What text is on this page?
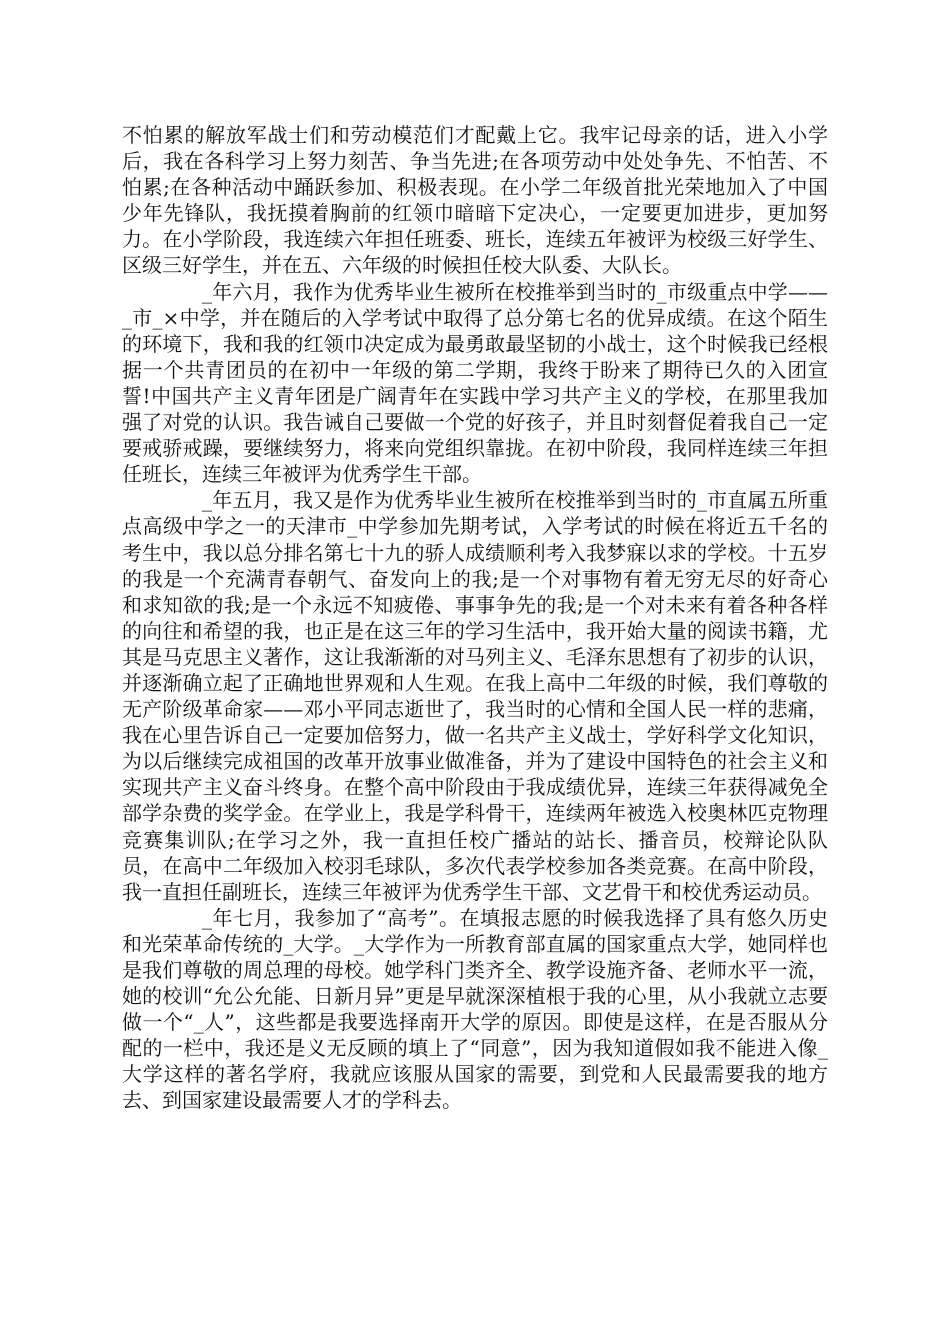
不怕累的解放军战士们和劳动模范们才配戴上它。我牢记母亲的话，进入小学后，我在各科学习上努力刻苦、争当先进;在各项劳动中处处争先、不怕苦、不怕累;在各种活动中踊跃参加、积极表现。在小学二年级首批光荣地加入了中国少年先锋队，我抚摸着胸前的红领巾暗暗下定决心，一定要更加进步，更加努力。在小学阶段，我连续六年担任班委、班长，连续五年被评为校级三好学生、区级三好学生，并在五、六年级的时候担任校大队委、大队长。

_年六月，我作为优秀毕业生被所在校推举到当时的_市级重点中学——_市_×中学，并在随后的入学考试中取得了总分第七名的优异成绩。在这个陌生的环境下，我和我的红领巾决定成为最勇敢最坚韧的小战士，这个时候我已经根据一个共青团员的在初中一年级的第二学期，我终于盼来了期待已久的入团宣誓!中国共产主义青年团是广阔青年在实践中学习共产主义的学校，在那里我加强了对党的认识。我告诫自己要做一个党的好孩子，并且时刻督促着我自己一定要戒骄戒躁，要继续努力，将来向党组织靠拢。在初中阶段，我同样连续三年担任班长，连续三年被评为优秀学生干部。

_年五月，我又是作为优秀毕业生被所在校推举到当时的_市直属五所重点高级中学之一的天津市_中学参加先期考试，入学考试的时候在将近五千名的考生中，我以总分排名第七十九的骄人成绩顺利考入我梦寐以求的学校。十五岁的我是一个充满青春朝气、奋发向上的我;是一个对事物有着无穷无尽的好奇心和求知欲的我;是一个永远不知疲倦、事事争先的我;是一个对未来有着各种各样的向往和希望的我，也正是在这三年的学习生活中，我开始大量的阅读书籍，尤其是马克思主义著作，这让我渐渐的对马列主义、毛泽东思想有了初步的认识，并逐渐确立起了正确地世界观和人生观。在我上高中二年级的时候，我们尊敬的无产阶级革命家——邓小平同志逝世了，我当时的心情和全国人民一样的悲痛，我在心里告诉自己一定要加倍努力，做一名共产主义战士，学好科学文化知识，为以后继续完成祖国的改革开放事业做准备，并为了建设中国特色的社会主义和实现共产主义奋斗终身。在整个高中阶段由于我成绩优异，连续三年获得减免全部学杂费的奖学金。在学业上，我是学科骨干，连续两年被选入校奥林匹克物理竞赛集训队;在学习之外，我一直担任校广播站的站长、播音员，校辩论队队员，在高中二年级加入校羽毛球队，多次代表学校参加各类竞赛。在高中阶段，我一直担任副班长，连续三年被评为优秀学生干部、文艺骨干和校优秀运动员。

_年七月，我参加了“高考”。在填报志愿的时候我选择了具有悠久历史和光荣革命传统的_大学。_大学作为一所教育部直属的国家重点大学，她同样也是我们尊敬的周总理的母校。她学科门类齐全、教学设施齐备、老师水平一流，她的校训“允公允能、日新月异”更是早就深深植根于我的心里，从小我就立志要做一个“_人”，这些都是我要选择南开大学的原因。即使是这样，在是否服从分配的一栏中，我还是义无反顾的填上了“同意”，因为我知道假如我不能进入像_大学这样的著名学府，我就应该服从国家的需要，到党和人民最需要我的地方去、到国家建设最需要人才的学科去。
